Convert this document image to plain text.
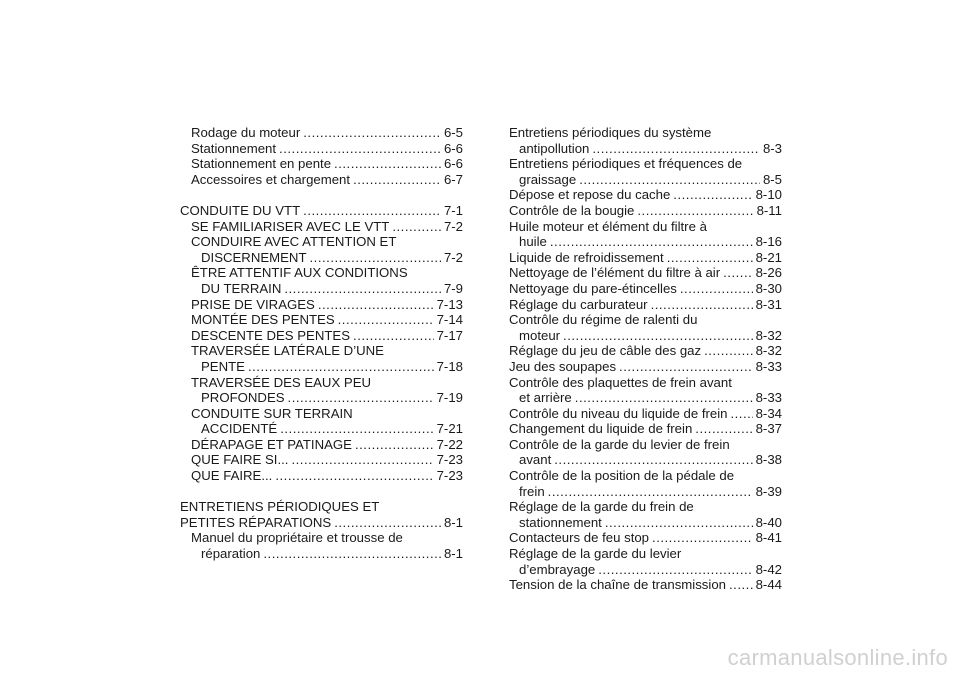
Rodage du moteur .....	6-5
Stationnement .....	6-6
Stationnement en pente .....	6-6
Accessoires et chargement .....	6-7
CONDUITE DU VTT .....	7-1
SE FAMILIARISER AVEC LE VTT .....	7-2
CONDUIRE AVEC ATTENTION ET
DISCERNEMENT .....	7-2
ÊTRE ATTENTIF AUX CONDITIONS
DU TERRAIN .....	7-9
PRISE DE VIRAGES .....	7-13
MONTÉE DES PENTES .....	7-14
DESCENTE DES PENTES .....	7-17
TRAVERSÉE LATÉRALE D’UNE
PENTE .....	7-18
TRAVERSÉE DES EAUX PEU
PROFONDES .....	7-19
CONDUITE SUR TERRAIN
ACCIDENTÉ .....	7-21
DÉRAPAGE ET PATINAGE .....	7-22
QUE FAIRE SI... .....	7-23
QUE FAIRE... .....	7-23
ENTRETIENS PÉRIODIQUES ET
PETITES RÉPARATIONS .....	8-1
Manuel du propriétaire et trousse de
réparation .....	8-1
Entretiens périodiques du système
antipollution .....	8-3
Entretiens périodiques et fréquences de
graissage .....	8-5
Dépose et repose du cache .....	8-10
Contrôle de la bougie .....	8-11
Huile moteur et élément du filtre à
huile .....	8-16
Liquide de refroidissement .....	8-21
Nettoyage de l’élément du filtre à air .....	8-26
Nettoyage du pare-étincelles .....	8-30
Réglage du carburateur .....	8-31
Contrôle du régime de ralenti du
moteur .....	8-32
Réglage du jeu de câble des gaz .....	8-32
Jeu des soupapes .....	8-33
Contrôle des plaquettes de frein avant
et arrière .....	8-33
Contrôle du niveau du liquide de frein ..... 8-34
Changement du liquide de frein .....	8-37
Contrôle de la garde du levier de frein
avant .....	8-38
Contrôle de la position de la pédale de
frein .....	8-39
Réglage de la garde du frein de
stationnement .....	8-40
Contacteurs de feu stop .....	8-41
Réglage de la garde du levier
d’embrayage .....	8-42
Tension de la chaîne de transmission ..... 8-44
carmanualsonline.info
